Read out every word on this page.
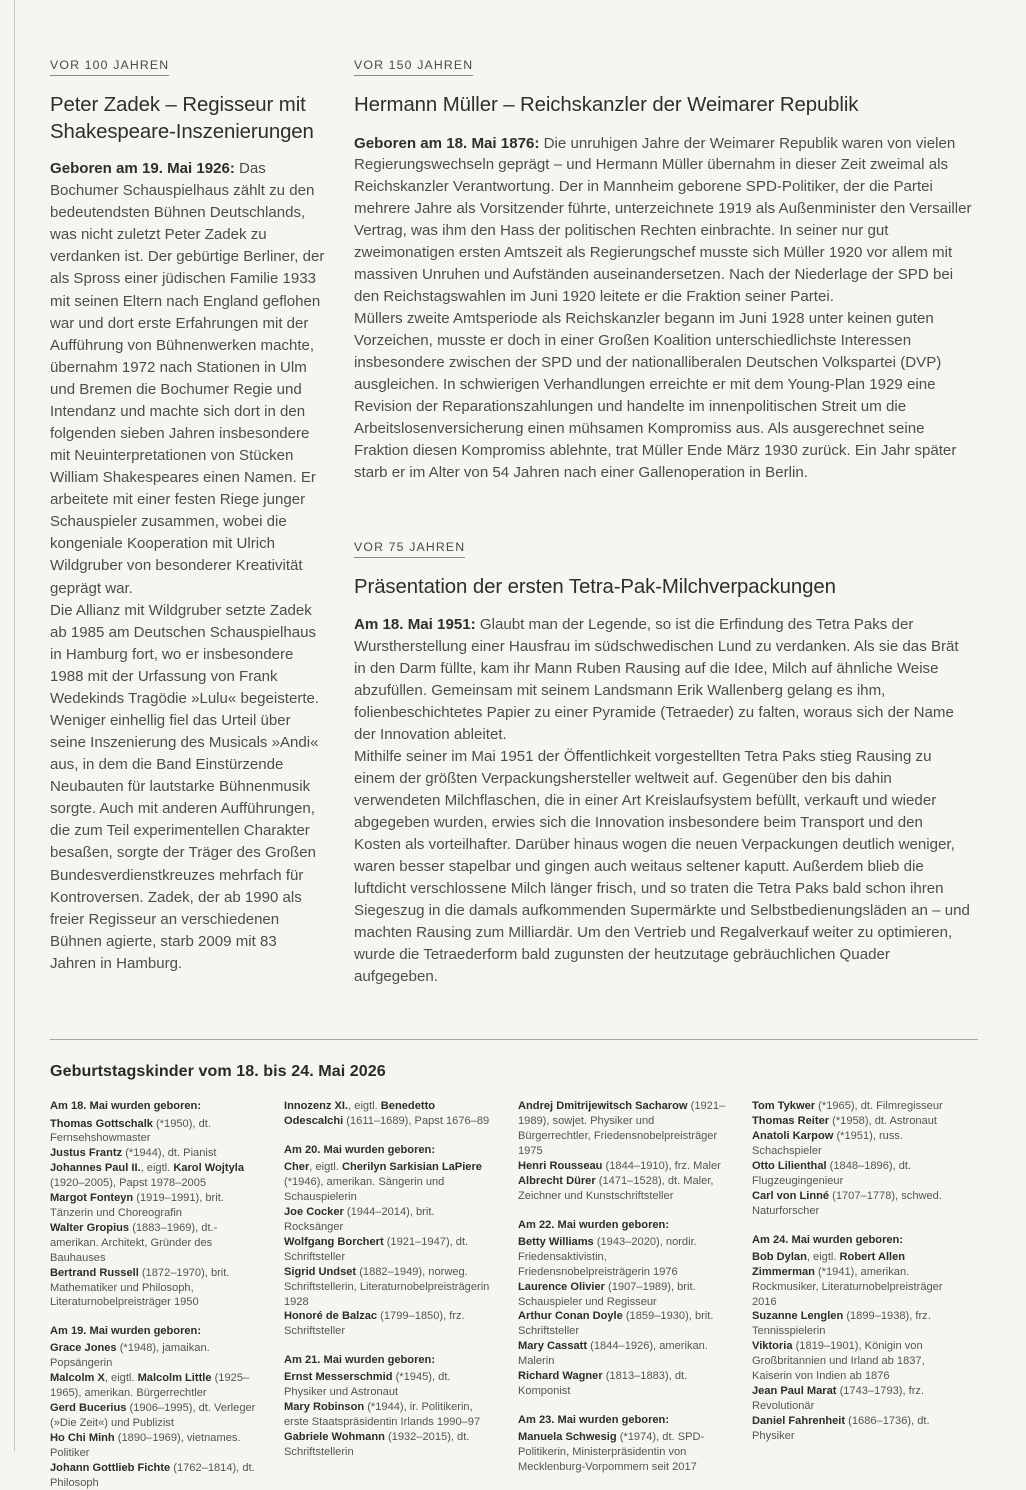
VOR 100 JAHREN
Peter Zadek – Regisseur mit Shakespeare-Inszenierungen

Geboren am 19. Mai 1926: Das Bochumer Schauspielhaus zählt zu den bedeutendsten Bühnen Deutschlands, was nicht zuletzt Peter Zadek zu verdanken ist. Der gebürtige Berliner, der als Spross einer jüdischen Familie 1933 mit seinen Eltern nach England geflohen war und dort erste Erfahrungen mit der Aufführung von Bühnenwerken machte, übernahm 1972 nach Stationen in Ulm und Bremen die Bochumer Regie und Intendanz und machte sich dort in den folgenden sieben Jahren insbesondere mit Neuinterpretationen von Stücken William Shakespeares einen Namen. Er arbeitete mit einer festen Riege junger Schauspieler zusammen, wobei die kongeniale Kooperation mit Ulrich Wildgruber von besonderer Kreativität geprägt war.

Die Allianz mit Wildgruber setzte Zadek ab 1985 am Deutschen Schauspielhaus in Hamburg fort, wo er insbesondere 1988 mit der Urfassung von Frank Wedekinds Tragödie »Lulu« begeisterte. Weniger einhellig fiel das Urteil über seine Inszenierung des Musicals »Andi« aus, in dem die Band Einstürzende Neubauten für lautstarke Bühnenmusik sorgte. Auch mit anderen Aufführungen, die zum Teil experimentellen Charakter besaßen, sorgte der Träger des Großen Bundesverdienstkreuzes mehrfach für Kontroversen. Zadek, der ab 1990 als freier Regisseur an verschiedenen Bühnen agierte, starb 2009 mit 83 Jahren in Hamburg.

VOR 150 JAHREN
Hermann Müller – Reichskanzler der Weimarer Republik

Geboren am 18. Mai 1876: Die unruhigen Jahre der Weimarer Republik waren von vielen Regierungswechseln geprägt – und Hermann Müller übernahm in dieser Zeit zweimal als Reichskanzler Verantwortung. Der in Mannheim geborene SPD-Politiker, der die Partei mehrere Jahre als Vorsitzender führte, unterzeichnete 1919 als Außenminister den Versailler Vertrag, was ihm den Hass der politischen Rechten einbrachte. In seiner nur gut zweimonatigen ersten Amtszeit als Regierungschef musste sich Müller 1920 vor allem mit massiven Unruhen und Aufständen auseinandersetzen. Nach der Niederlage der SPD bei den Reichstagswahlen im Juni 1920 leitete er die Fraktion seiner Partei.

Müllers zweite Amtsperiode als Reichskanzler begann im Juni 1928 unter keinen guten Vorzeichen, musste er doch in einer Großen Koalition unterschiedlichste Interessen insbesondere zwischen der SPD und der nationalliberalen Deutschen Volkspartei (DVP) ausgleichen. In schwierigen Verhandlungen erreichte er mit dem Young-Plan 1929 eine Revision der Reparationszahlungen und handelte im innenpolitischen Streit um die Arbeitslosenversicherung einen mühsamen Kompromiss aus. Als ausgerechnet seine Fraktion diesen Kompromiss ablehnte, trat Müller Ende März 1930 zurück. Ein Jahr später starb er im Alter von 54 Jahren nach einer Gallenoperation in Berlin.

VOR 75 JAHREN
Präsentation der ersten Tetra-Pak-Milchverpackungen

Am 18. Mai 1951: Glaubt man der Legende, so ist die Erfindung des Tetra Paks der Wurstherstellung einer Hausfrau im südschwedischen Lund zu verdanken. Als sie das Brät in den Darm füllte, kam ihr Mann Ruben Rausing auf die Idee, Milch auf ähnliche Weise abzufüllen. Gemeinsam mit seinem Landsmann Erik Wallenberg gelang es ihm, folienbeschichtetes Papier zu einer Pyramide (Tetraeder) zu falten, woraus sich der Name der Innovation ableitet.

Mithilfe seiner im Mai 1951 der Öffentlichkeit vorgestellten Tetra Paks stieg Rausing zu einem der größten Verpackungshersteller weltweit auf. Gegenüber den bis dahin verwendeten Milchflaschen, die in einer Art Kreislaufsystem befüllt, verkauft und wieder abgegeben wurden, erwies sich die Innovation insbesondere beim Transport und den Kosten als vorteilhafter. Darüber hinaus wogen die neuen Verpackungen deutlich weniger, waren besser stapelbar und gingen auch weitaus seltener kaputt. Außerdem blieb die luftdicht verschlossene Milch länger frisch, und so traten die Tetra Paks bald schon ihren Siegeszug in die damals aufkommenden Supermärkte und Selbstbedienungsläden an – und machten Rausing zum Milliardär. Um den Vertrieb und Regalverkauf weiter zu optimieren, wurde die Tetraederform bald zugunsten der heutzutage gebräuchlichen Quader aufgegeben.

Geburtstagskinder vom 18. bis 24. Mai 2026
Am 18. Mai wurden geboren:

Thomas Gottschalk (*1950), dt. Fernsehshowmaster

Justus Frantz (*1944), dt. Pianist

Johannes Paul II., eigtl. Karol Wojtyla (1920–2005), Papst 1978–2005

Margot Fonteyn (1919–1991), brit. Tänzerin und Choreografin

Walter Gropius (1883–1969), dt.-amerikan. Architekt, Gründer des Bauhauses

Bertrand Russell (1872–1970), brit. Mathematiker und Philosoph, Literaturnobelpreisträger 1950

Am 19. Mai wurden geboren:

Grace Jones (*1948), jamaikan. Popsängerin

Malcolm X, eigtl. Malcolm Little (1925–1965), amerikan. Bürgerrechtler

Gerd Bucerius (1906–1995), dt. Verleger (»Die Zeit«) und Publizist

Ho Chi Minh (1890–1969), vietnames. Politiker

Johann Gottlieb Fichte (1762–1814), dt. Philosoph

Innozenz XI., eigtl. Benedetto Odescalchi (1611–1689), Papst 1676–89

Am 20. Mai wurden geboren:

Cher, eigtl. Cherilyn Sarkisian LaPiere (*1946), amerikan. Sängerin und Schauspielerin

Joe Cocker (1944–2014), brit. Rocksänger

Wolfgang Borchert (1921–1947), dt. Schriftsteller

Sigrid Undset (1882–1949), norweg. Schriftstellerin, Literaturnobelpreisträgerin 1928

Honoré de Balzac (1799–1850), frz. Schriftsteller

Am 21. Mai wurden geboren:

Ernst Messerschmid (*1945), dt. Physiker und Astronaut

Mary Robinson (*1944), ir. Politikerin, erste Staatspräsidentin Irlands 1990–97

Gabriele Wohmann (1932–2015), dt. Schriftstellerin

Andrej Dmitrijewitsch Sacharow (1921–1989), sowjet. Physiker und Bürgerrechtler, Friedensnobelpreisträger 1975

Henri Rousseau (1844–1910), frz. Maler

Albrecht Dürer (1471–1528), dt. Maler, Zeichner und Kunstschriftsteller

Am 22. Mai wurden geboren:

Betty Williams (1943–2020), nordir. Friedensaktivistin, Friedensnobelpreisträgerin 1976

Laurence Olivier (1907–1989), brit. Schauspieler und Regisseur

Arthur Conan Doyle (1859–1930), brit. Schriftsteller

Mary Cassatt (1844–1926), amerikan. Malerin

Richard Wagner (1813–1883), dt. Komponist

Am 23. Mai wurden geboren:

Manuela Schwesig (*1974), dt. SPD-Politikerin, Ministerpräsidentin von Mecklenburg-Vorpommern seit 2017

Tom Tykwer (*1965), dt. Filmregisseur

Thomas Reiter (*1958), dt. Astronaut

Anatoli Karpow (*1951), russ. Schachspieler

Otto Lilienthal (1848–1896), dt. Flugzeugingenieur

Carl von Linné (1707–1778), schwed. Naturforscher

Am 24. Mai wurden geboren:

Bob Dylan, eigtl. Robert Allen Zimmerman (*1941), amerikan. Rockmusiker, Literaturnobelpreisträger 2016

Suzanne Lenglen (1899–1938), frz. Tennisspielerin

Viktoria (1819–1901), Königin von Großbritannien und Irland ab 1837, Kaiserin von Indien ab 1876

Jean Paul Marat (1743–1793), frz. Revolutionär

Daniel Fahrenheit (1686–1736), dt. Physiker
